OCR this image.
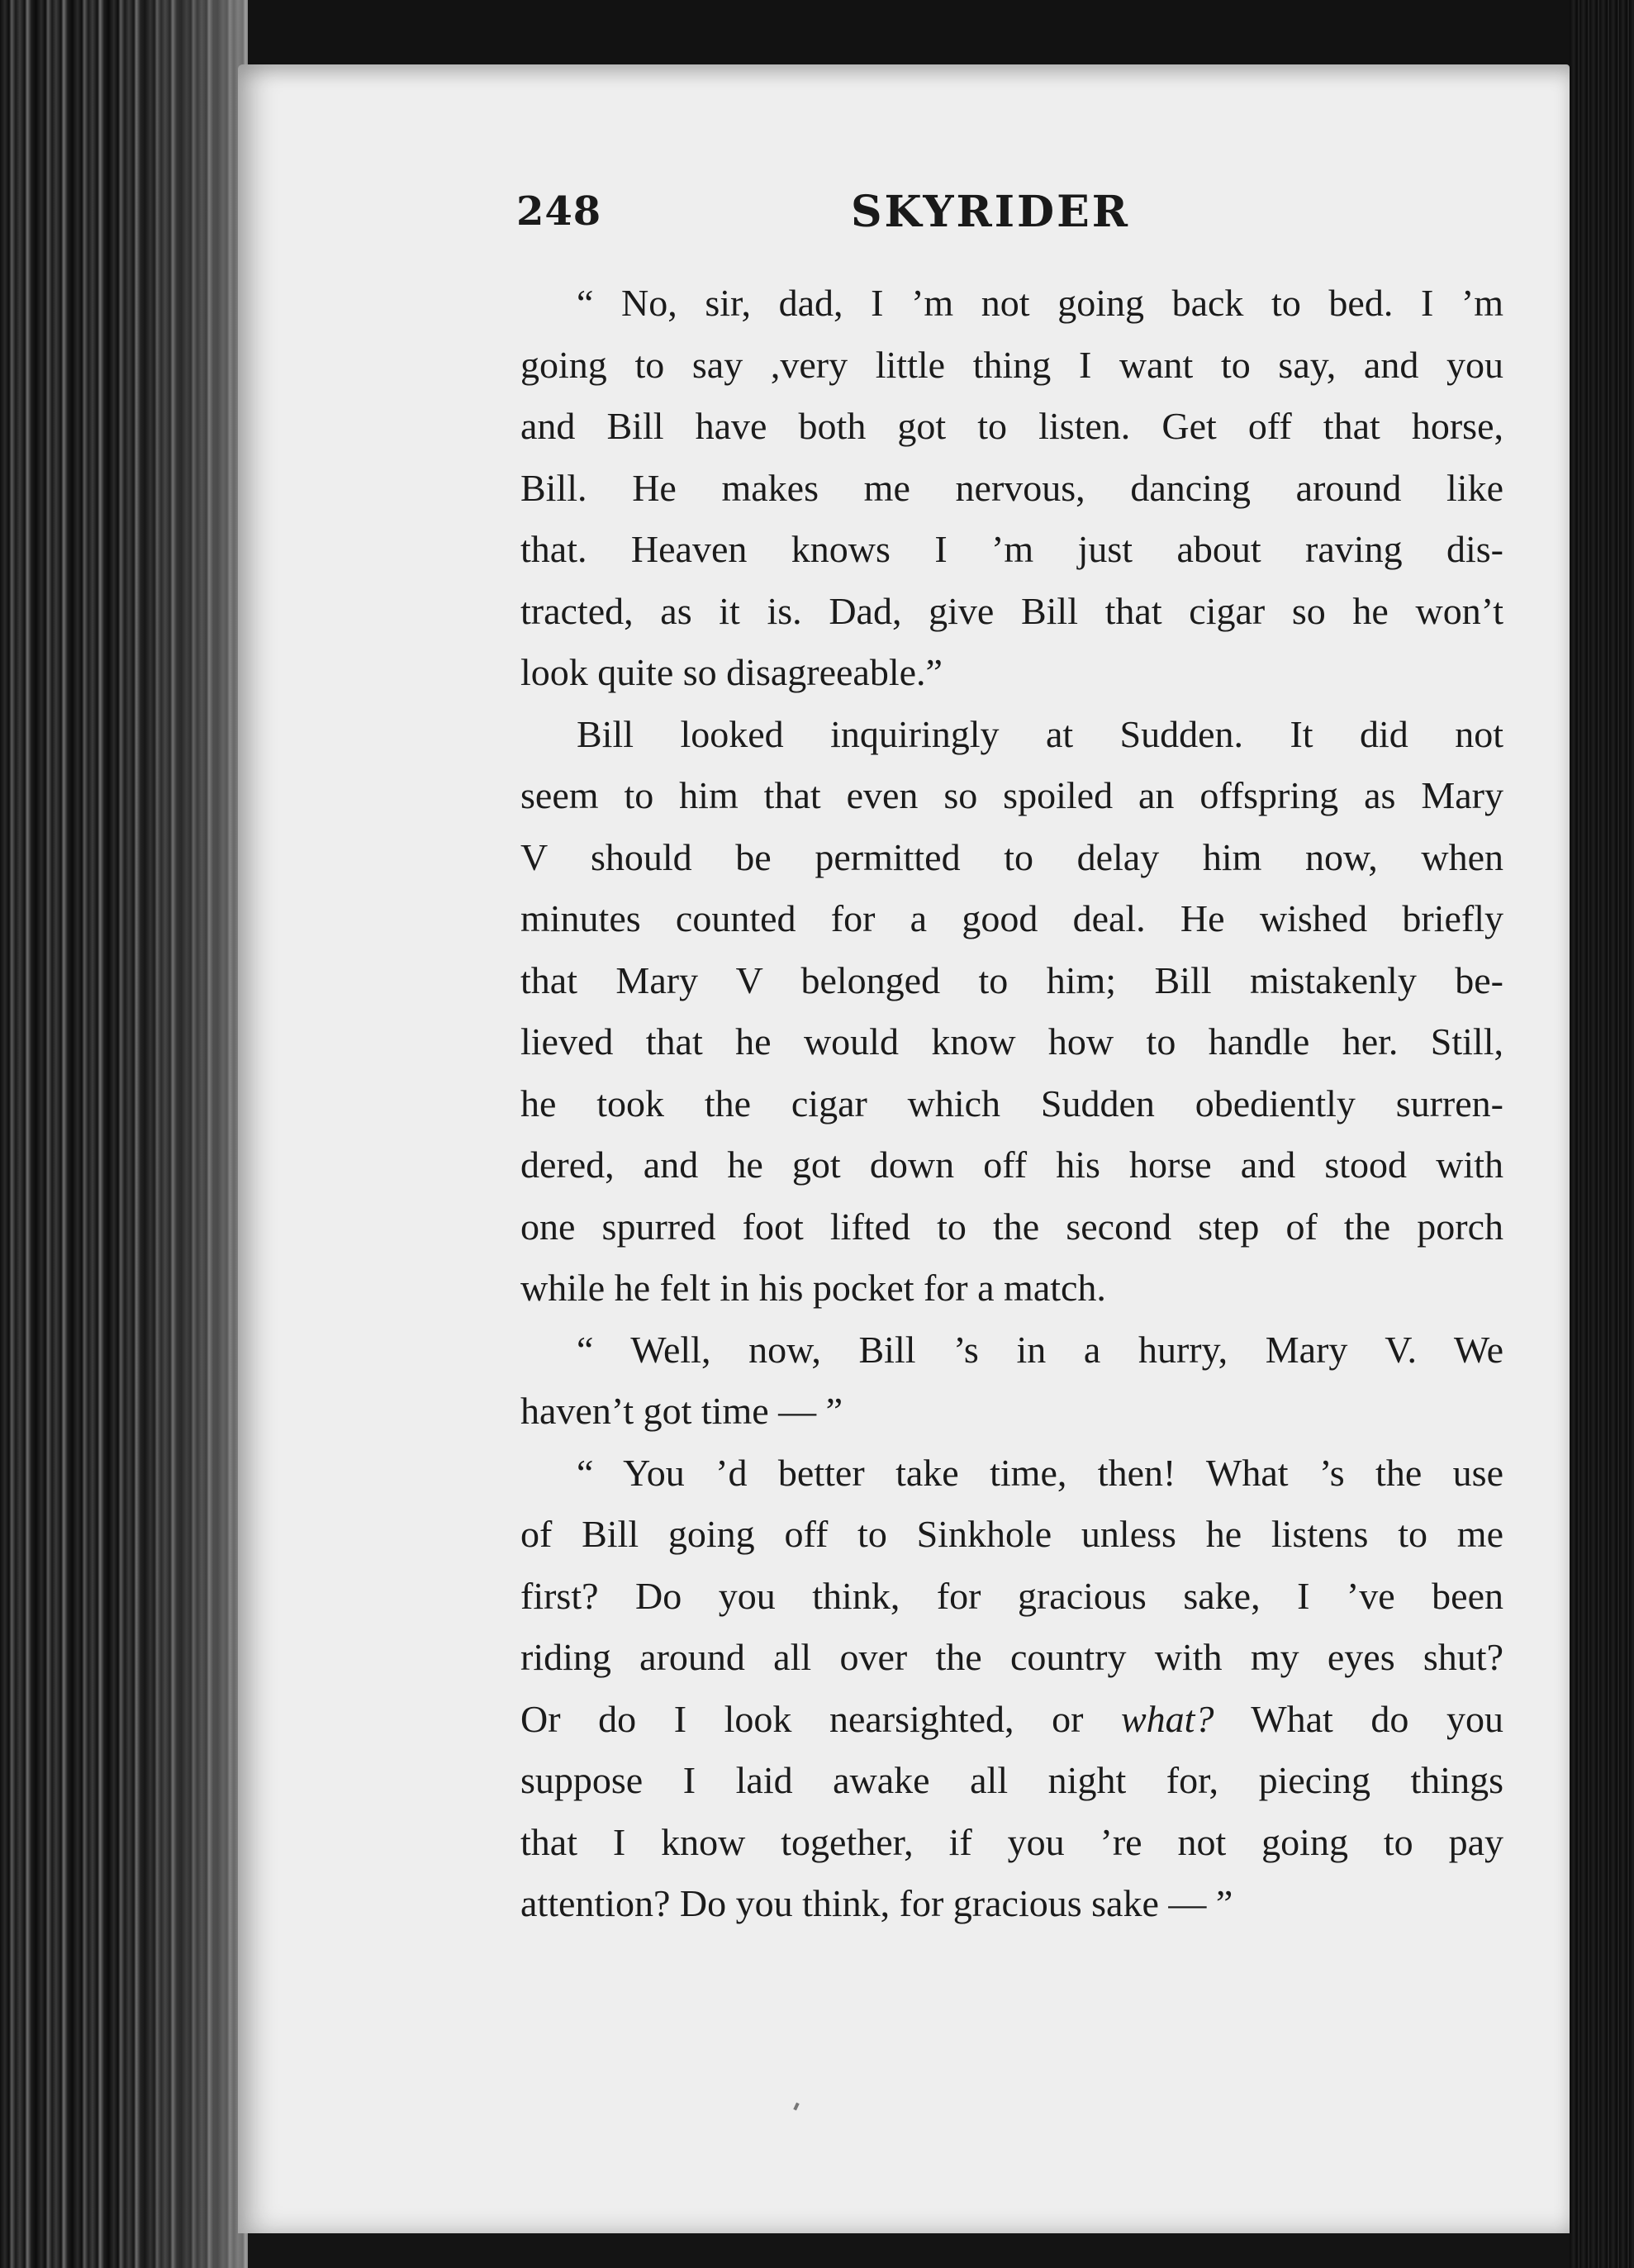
248	SKYRIDER
“ No, sir, dad, I ’m not going back to bed. I ’m
going to say ,very little thing I want to say, and you
and Bill have both got to listen. Get off that horse,
Bill. He makes me nervous, dancing around like
that. Heaven knows I ’m just about raving dis-
tracted, as it is. Dad, give Bill that cigar so he won’t
look quite so disagreeable.”
Bill looked inquiringly at Sudden. It did not
seem to him that even so spoiled an offspring as Mary
V should be permitted to delay him now, when
minutes counted for a good deal. He wished briefly
that Mary V belonged to him; Bill mistakenly be-
lieved that he would know how to handle her. Still,
he took the cigar which Sudden obediently surren-
dered, and he got down off his horse and stood with
one spurred foot lifted to the second step of the porch
while he felt in his pocket for a match.
“ Well, now, Bill ’s in a hurry, Mary V. We
haven’t got time — ”
“ You ’d better take time, then! What ’s the use
of Bill going off to Sinkhole unless he listens to me
first? Do you think, for gracious sake, I ’ve been
riding around all over the country with my eyes shut?
Or do I look nearsighted, or what? What do you
suppose I laid awake all night for, piecing things
that I know together, if you ’re not going to pay
attention? Do you think, for gracious sake — ”
